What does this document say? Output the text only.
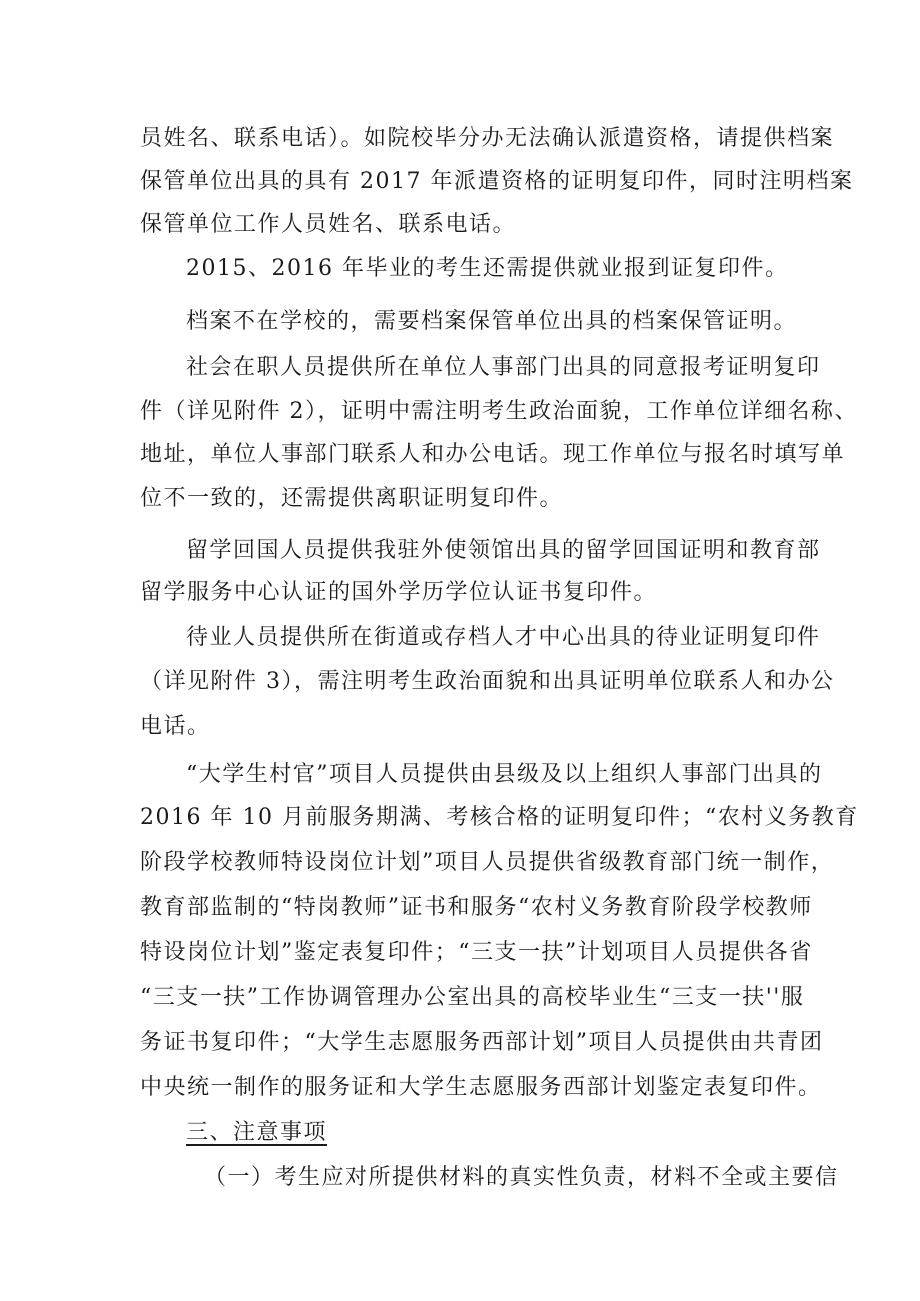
员姓名、联系电话）。如院校毕分办无法确认派遣资格，请提供档案
保管单位出具的具有 2017 年派遣资格的证明复印件，同时注明档案
保管单位工作人员姓名、联系电话。
2015、2016 年毕业的考生还需提供就业报到证复印件。
档案不在学校的，需要档案保管单位出具的档案保管证明。
社会在职人员提供所在单位人事部门出具的同意报考证明复印
件（详见附件 2），证明中需注明考生政治面貌，工作单位详细名称、
地址，单位人事部门联系人和办公电话。现工作单位与报名时填写单
位不一致的，还需提供离职证明复印件。
留学回国人员提供我驻外使领馆出具的留学回国证明和教育部
留学服务中心认证的国外学历学位认证书复印件。
待业人员提供所在街道或存档人才中心出具的待业证明复印件
（详见附件 3），需注明考生政治面貌和出具证明单位联系人和办公
电话。
“大学生村官”项目人员提供由县级及以上组织人事部门出具的
2016 年 10 月前服务期满、考核合格的证明复印件；“农村义务教育
阶段学校教师特设岗位计划”项目人员提供省级教育部门统一制作，
教育部监制的“特岗教师”证书和服务“农村义务教育阶段学校教师
特设岗位计划”鉴定表复印件；“三支一扶”计划项目人员提供各省
“三支一扶”工作协调管理办公室出具的高校毕业生“三支一扶''服
务证书复印件；“大学生志愿服务西部计划”项目人员提供由共青团
中央统一制作的服务证和大学生志愿服务西部计划鉴定表复印件。
三、注意事项
（一）考生应对所提供材料的真实性负责，材料不全或主要信
